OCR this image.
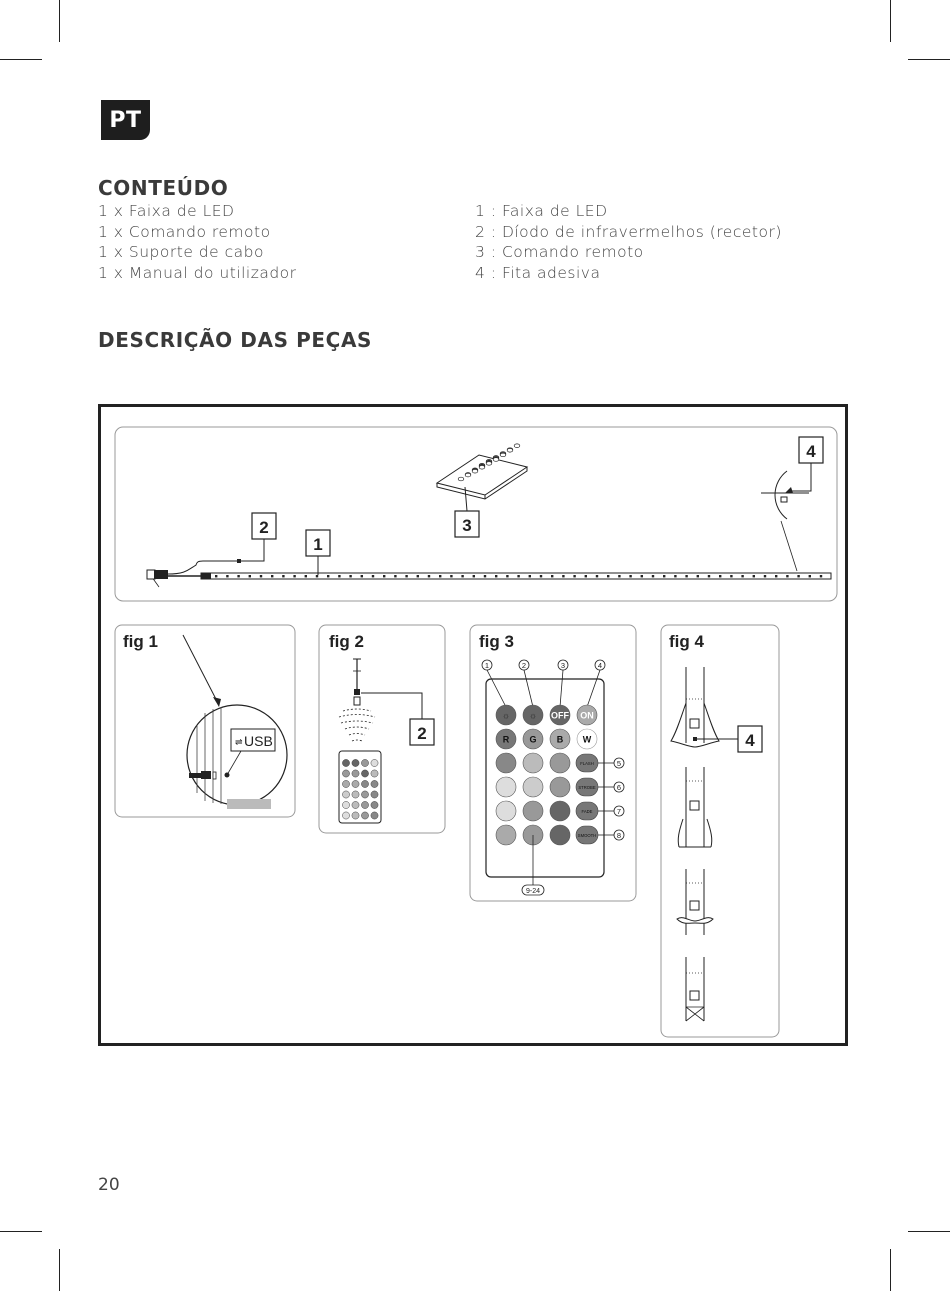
PT
CONTEÚDO
1 x Faixa de LED
1 x Comando remoto
1 x Suporte de cabo
1 x Manual do utilizador
1 : Faixa de LED
2 : Díodo de infravermelhos (recetor)
3 : Comando remoto
4 : Fita adesiva
DESCRIÇÃO DAS PEÇAS
2
1
3
4
fig 1
⇌ USB
fig 2
2
fig 3
1	2	3	4
FLASH	5
STROBE	6
FADE	7
SMOOTH	8
OFF ON
☼ ☼
R G B W
9-24
fig 4
4

20
